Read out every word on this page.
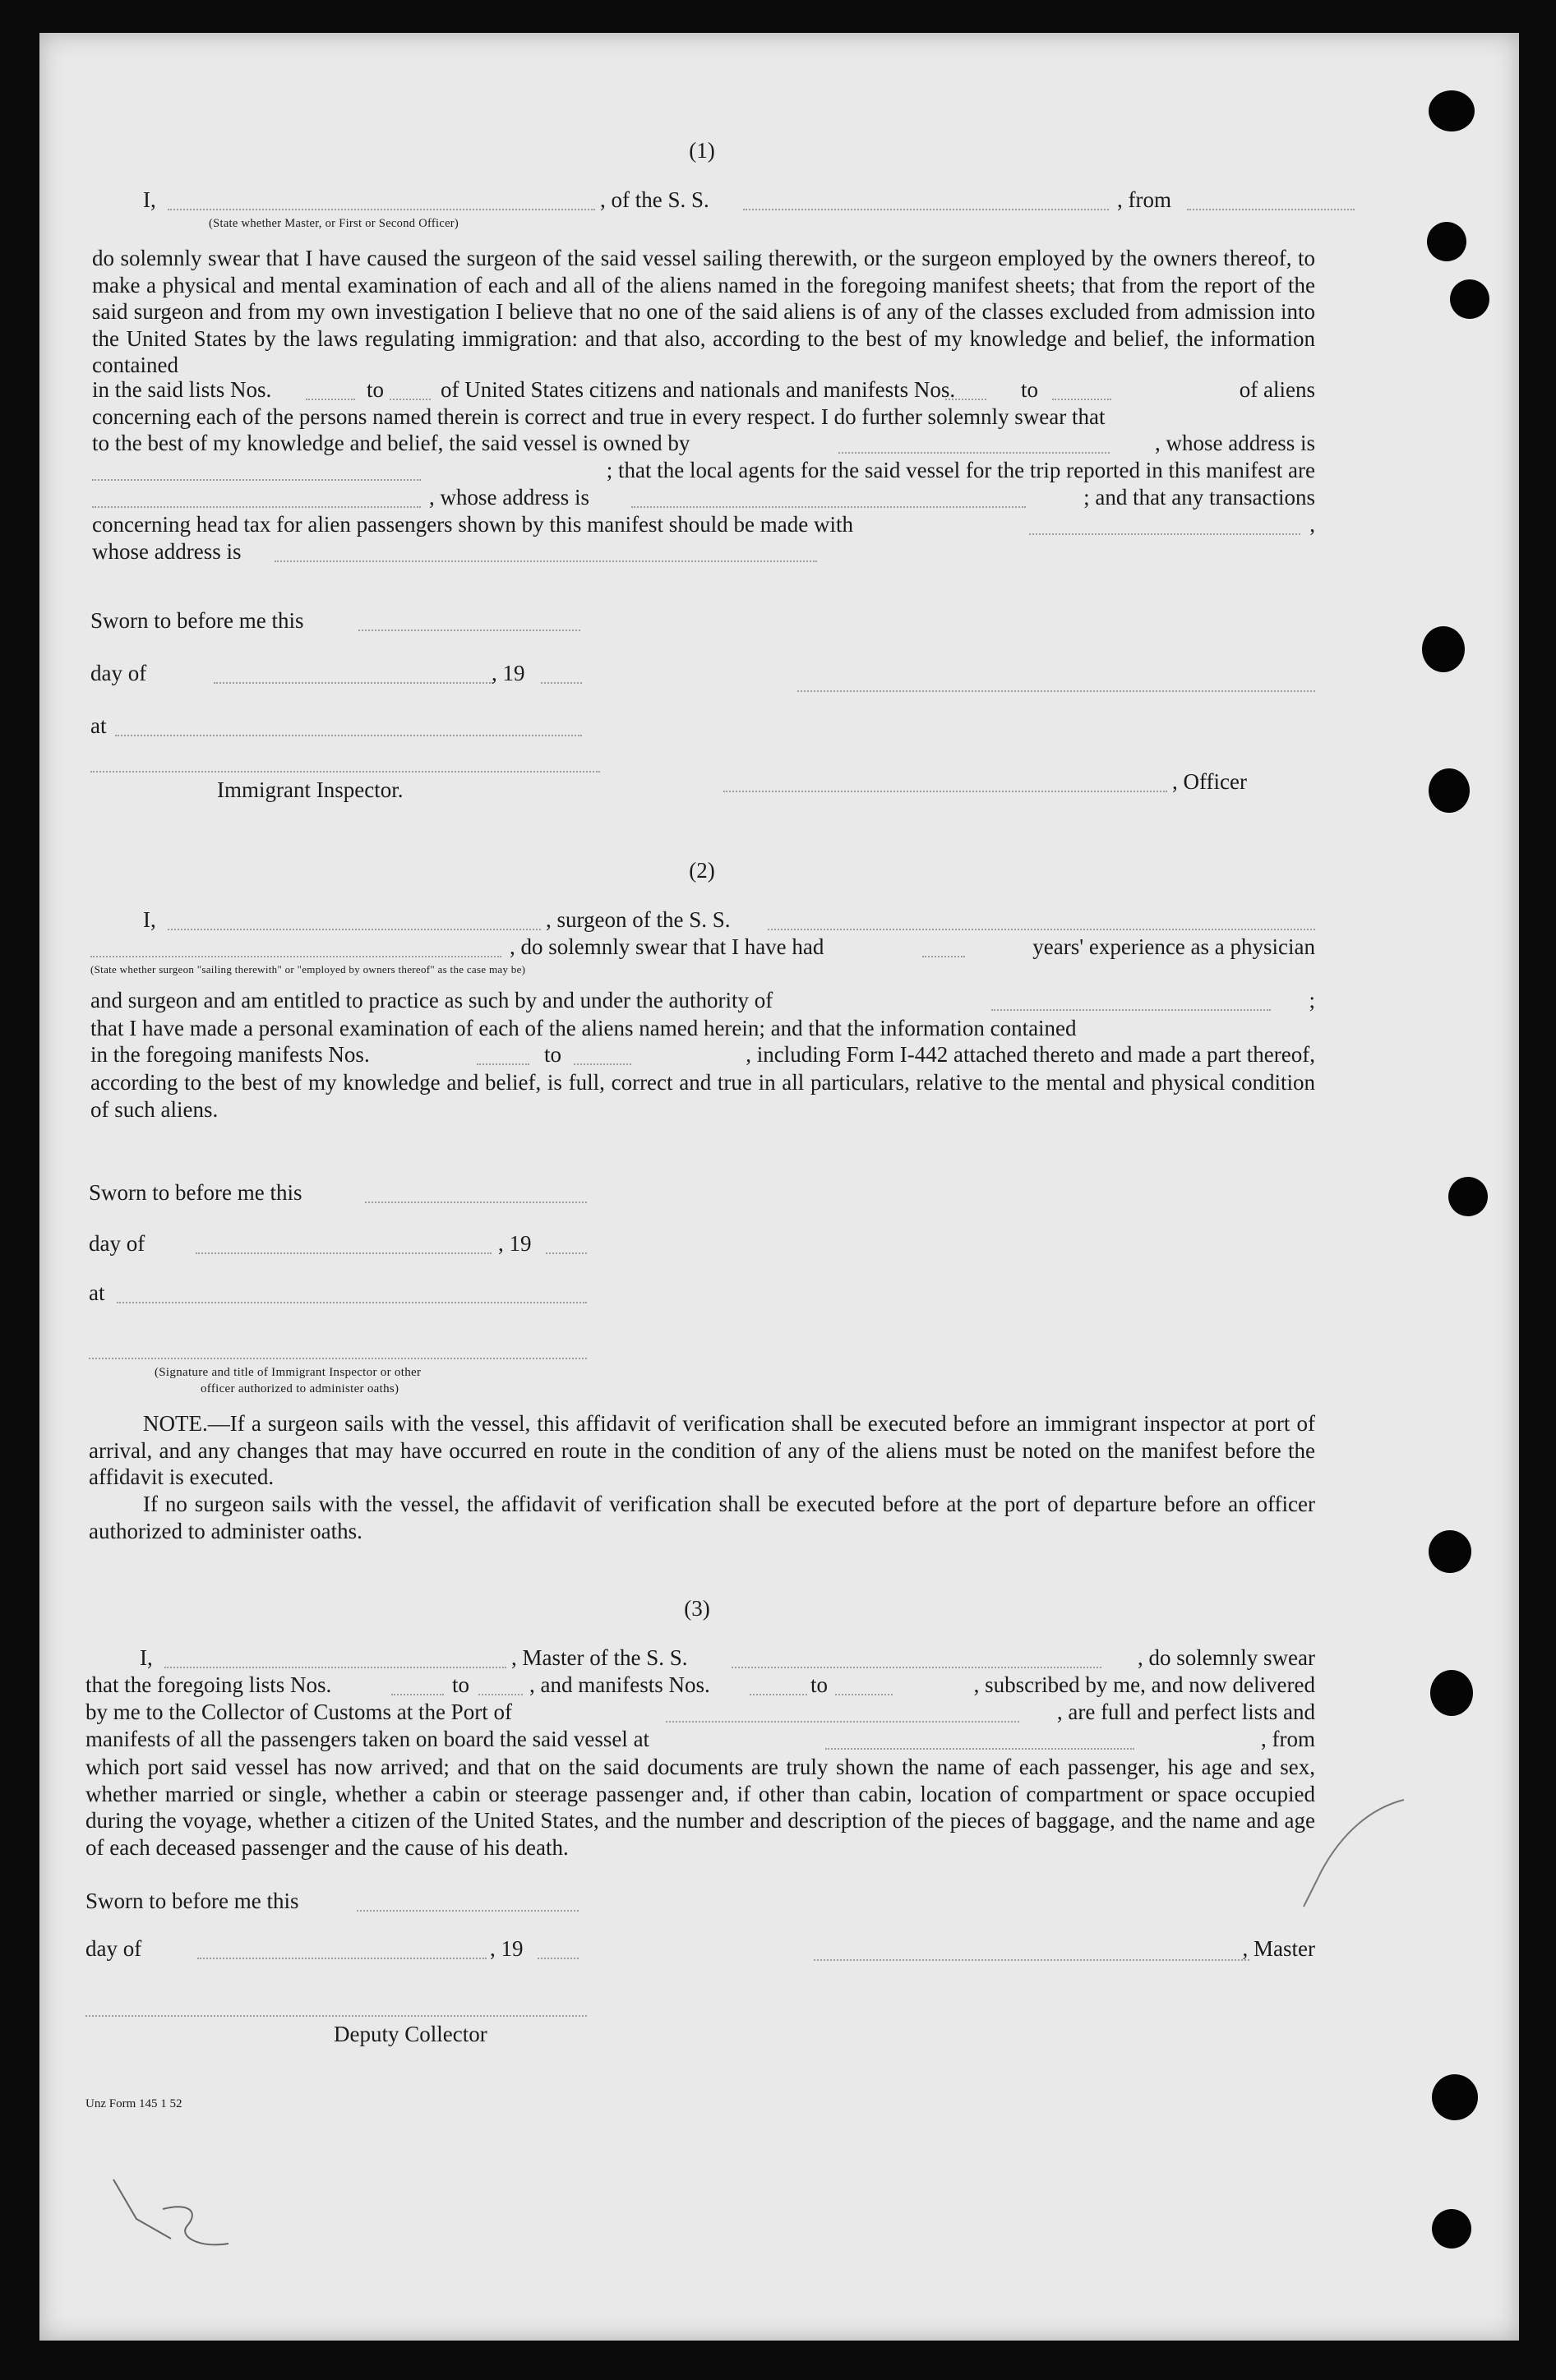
(1)
I,	, of the S. S.	, from
(State whether Master, or First or Second Officer)
do solemnly swear that I have caused the surgeon of the said vessel sailing therewith, or the surgeon employed by the owners thereof, to make a physical and mental examination of each and all of the aliens named in the foregoing manifest sheets; that from the report of the said surgeon and from my own investigation I believe that no one of the said aliens is of any of the classes excluded from admission into the United States by the laws regulating immigration: and that also, according to the best of my knowledge and belief, the information contained
in the said lists Nos.	to	of United States citizens and nationals and manifests Nos.	to	of aliens
concerning each of the persons named therein is correct and true in every respect. I do further solemnly swear that
to the best of my knowledge and belief, the said vessel is owned by	, whose address is
; that the local agents for the said vessel for the trip reported in this manifest are
, whose address is	; and that any transactions
concerning head tax for alien passengers shown by this manifest should be made with	,
whose address is
Sworn to before me this
day of	, 19
at
Immigrant Inspector.	, Officer
(2)
I,	, surgeon of the S. S.
, do solemnly swear that I have had	years' experience as a physician
(State whether surgeon "sailing therewith" or "employed by owners thereof" as the case may be)
and surgeon and am entitled to practice as such by and under the authority of	;
that I have made a personal examination of each of the aliens named herein; and that the information contained
in the foregoing manifests Nos.	to	, including Form I-442 attached thereto and made a part thereof,
according to the best of my knowledge and belief, is full, correct and true in all particulars, relative to the mental and physical condition of such aliens.
Sworn to before me this
day of	, 19
at
(Signature and title of Immigrant Inspector or other
officer authorized to administer oaths)
NOTE.—If a surgeon sails with the vessel, this affidavit of verification shall be executed before an immigrant inspector at port of arrival, and any changes that may have occurred en route in the condition of any of the aliens must be noted on the manifest before the affidavit is executed.
If no surgeon sails with the vessel, the affidavit of verification shall be executed before at the port of departure before an officer authorized to administer oaths.
(3)
I,	, Master of the S. S.	, do solemnly swear
that the foregoing lists Nos.	to	, and manifests Nos.	to	, subscribed by me, and now delivered
by me to the Collector of Customs at the Port of	, are full and perfect lists and
manifests of all the passengers taken on board the said vessel at	, from
which port said vessel has now arrived; and that on the said documents are truly shown the name of each passenger, his age and sex, whether married or single, whether a cabin or steerage passenger and, if other than cabin, location of compartment or space occupied during the voyage, whether a citizen of the United States, and the number and description of the pieces of baggage, and the name and age of each deceased passenger and the cause of his death.
Sworn to before me this
day of	, 19	, Master
Deputy Collector
Unz Form 145 1 52
